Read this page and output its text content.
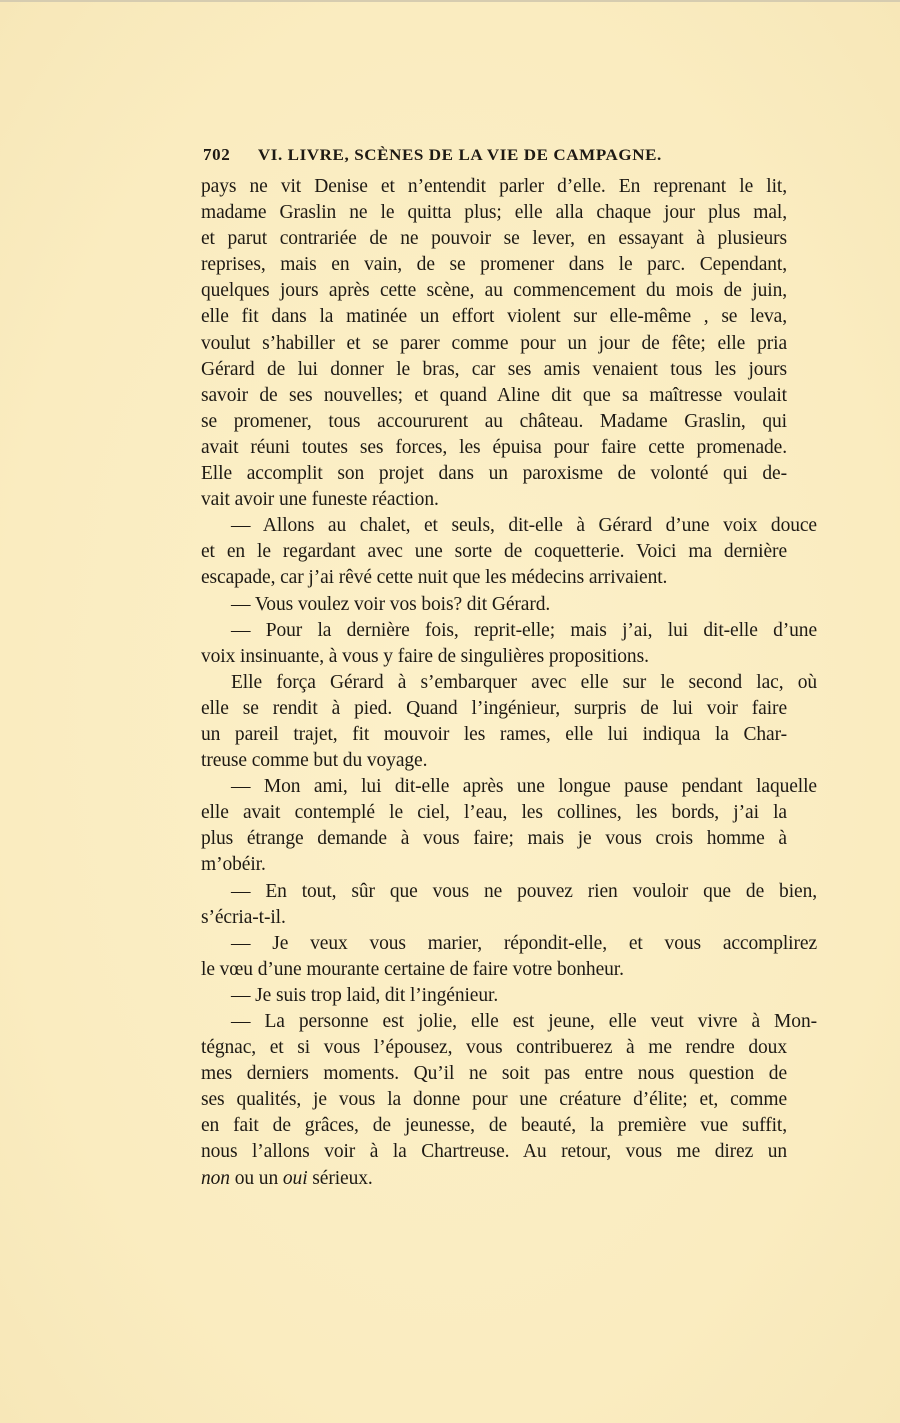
702 VI. LIVRE, SCÈNES DE LA VIE DE CAMPAGNE.
pays ne vit Denise et n’entendit parler d’elle. En reprenant le lit,
madame Graslin ne le quitta plus; elle alla chaque jour plus mal,
et parut contrariée de ne pouvoir se lever, en essayant à plusieurs
reprises, mais en vain, de se promener dans le parc. Cependant,
quelques jours après cette scène, au commencement du mois de juin,
elle fit dans la matinée un effort violent sur elle-même , se leva,
voulut s’habiller et se parer comme pour un jour de fête; elle pria
Gérard de lui donner le bras, car ses amis venaient tous les jours
savoir de ses nouvelles; et quand Aline dit que sa maîtresse voulait
se promener, tous accoururent au château. Madame Graslin, qui
avait réuni toutes ses forces, les épuisa pour faire cette promenade.
Elle accomplit son projet dans un paroxisme de volonté qui de-
vait avoir une funeste réaction.
— Allons au chalet, et seuls, dit-elle à Gérard d’une voix douce
et en le regardant avec une sorte de coquetterie. Voici ma dernière
escapade, car j’ai rêvé cette nuit que les médecins arrivaient.
— Vous voulez voir vos bois? dit Gérard.
— Pour la dernière fois, reprit-elle; mais j’ai, lui dit-elle d’une
voix insinuante, à vous y faire de singulières propositions.
Elle força Gérard à s’embarquer avec elle sur le second lac, où
elle se rendit à pied. Quand l’ingénieur, surpris de lui voir faire
un pareil trajet, fit mouvoir les rames, elle lui indiqua la Char-
treuse comme but du voyage.
— Mon ami, lui dit-elle après une longue pause pendant laquelle
elle avait contemplé le ciel, l’eau, les collines, les bords, j’ai la
plus étrange demande à vous faire; mais je vous crois homme à
m’obéir.
— En tout, sûr que vous ne pouvez rien vouloir que de bien,
s’écria-t-il.
— Je veux vous marier, répondit-elle, et vous accomplirez
le vœu d’une mourante certaine de faire votre bonheur.
— Je suis trop laid, dit l’ingénieur.
— La personne est jolie, elle est jeune, elle veut vivre à Mon-
tégnac, et si vous l’épousez, vous contribuerez à me rendre doux
mes derniers moments. Qu’il ne soit pas entre nous question de
ses qualités, je vous la donne pour une créature d’élite; et, comme
en fait de grâces, de jeunesse, de beauté, la première vue suffit,
nous l’allons voir à la Chartreuse. Au retour, vous me direz un
non ou un oui sérieux.
